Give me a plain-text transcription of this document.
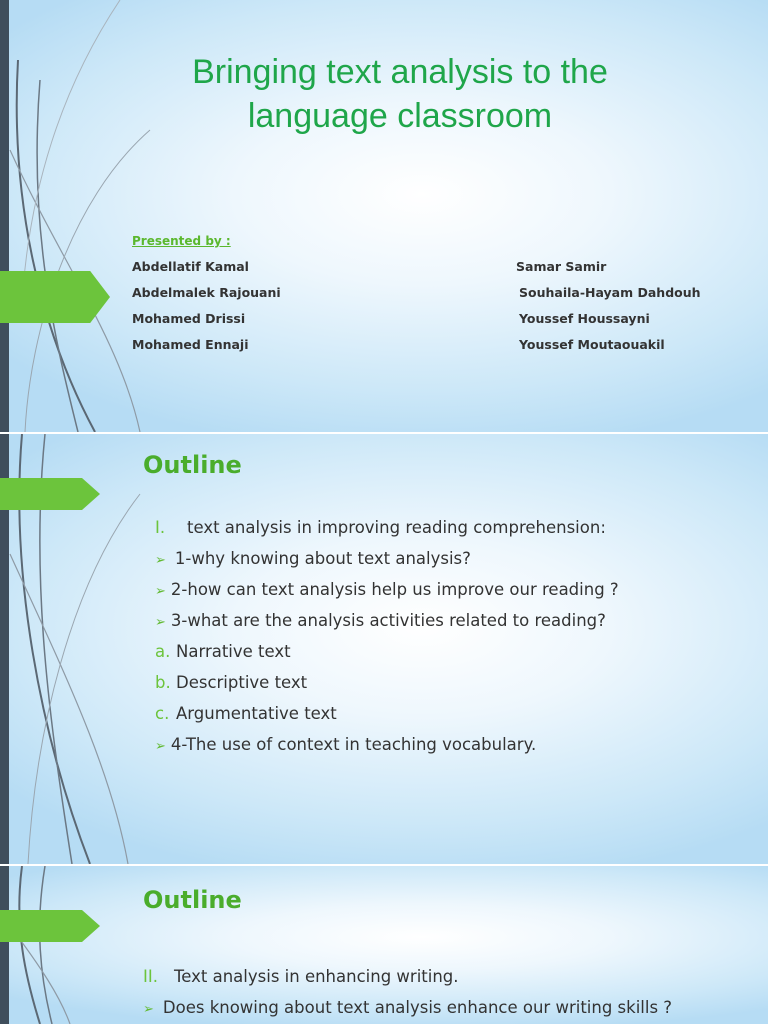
Bringing text analysis to the
language classroom
Presented by :
Abdellatif Kamal
Abdelmalek Rajouani
Mohamed Drissi
Mohamed Ennaji
Samar Samir
Souhaila-Hayam Dahdouh
Youssef Houssayni
Youssef Moutaouakil
Outline
I. text analysis in improving reading comprehension:
➢ 1-why knowing about text analysis?
➢ 2-how can text analysis help us improve our reading ?
➢ 3-what are the analysis activities related to reading?
a. Narrative text
b. Descriptive text
c. Argumentative text
➢ 4-The use of context in teaching vocabulary.
Outline
II. Text analysis in enhancing writing.
➢ Does knowing about text analysis enhance our writing skills ?
